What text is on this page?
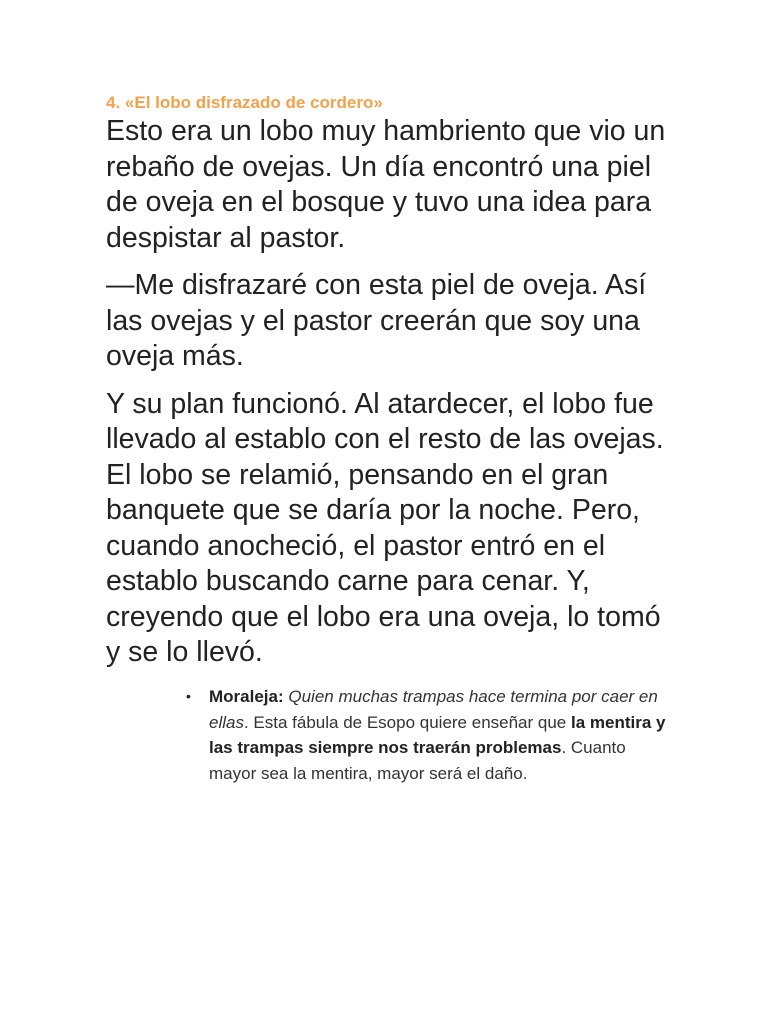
4. «El lobo disfrazado de cordero»

Esto era un lobo muy hambriento que vio un rebaño de ovejas. Un día encontró una piel de oveja en el bosque y tuvo una idea para despistar al pastor.

—Me disfrazaré con esta piel de oveja. Así las ovejas y el pastor creerán que soy una oveja más.

Y su plan funcionó. Al atardecer, el lobo fue llevado al establo con el resto de las ovejas. El lobo se relamió, pensando en el gran banquete que se daría por la noche. Pero, cuando anocheció, el pastor entró en el establo buscando carne para cenar. Y, creyendo que el lobo era una oveja, lo tomó y se lo llevó.

• Moraleja: Quien muchas trampas hace termina por caer en ellas. Esta fábula de Esopo quiere enseñar que la mentira y las trampas siempre nos traerán problemas. Cuanto mayor sea la mentira, mayor será el daño.
